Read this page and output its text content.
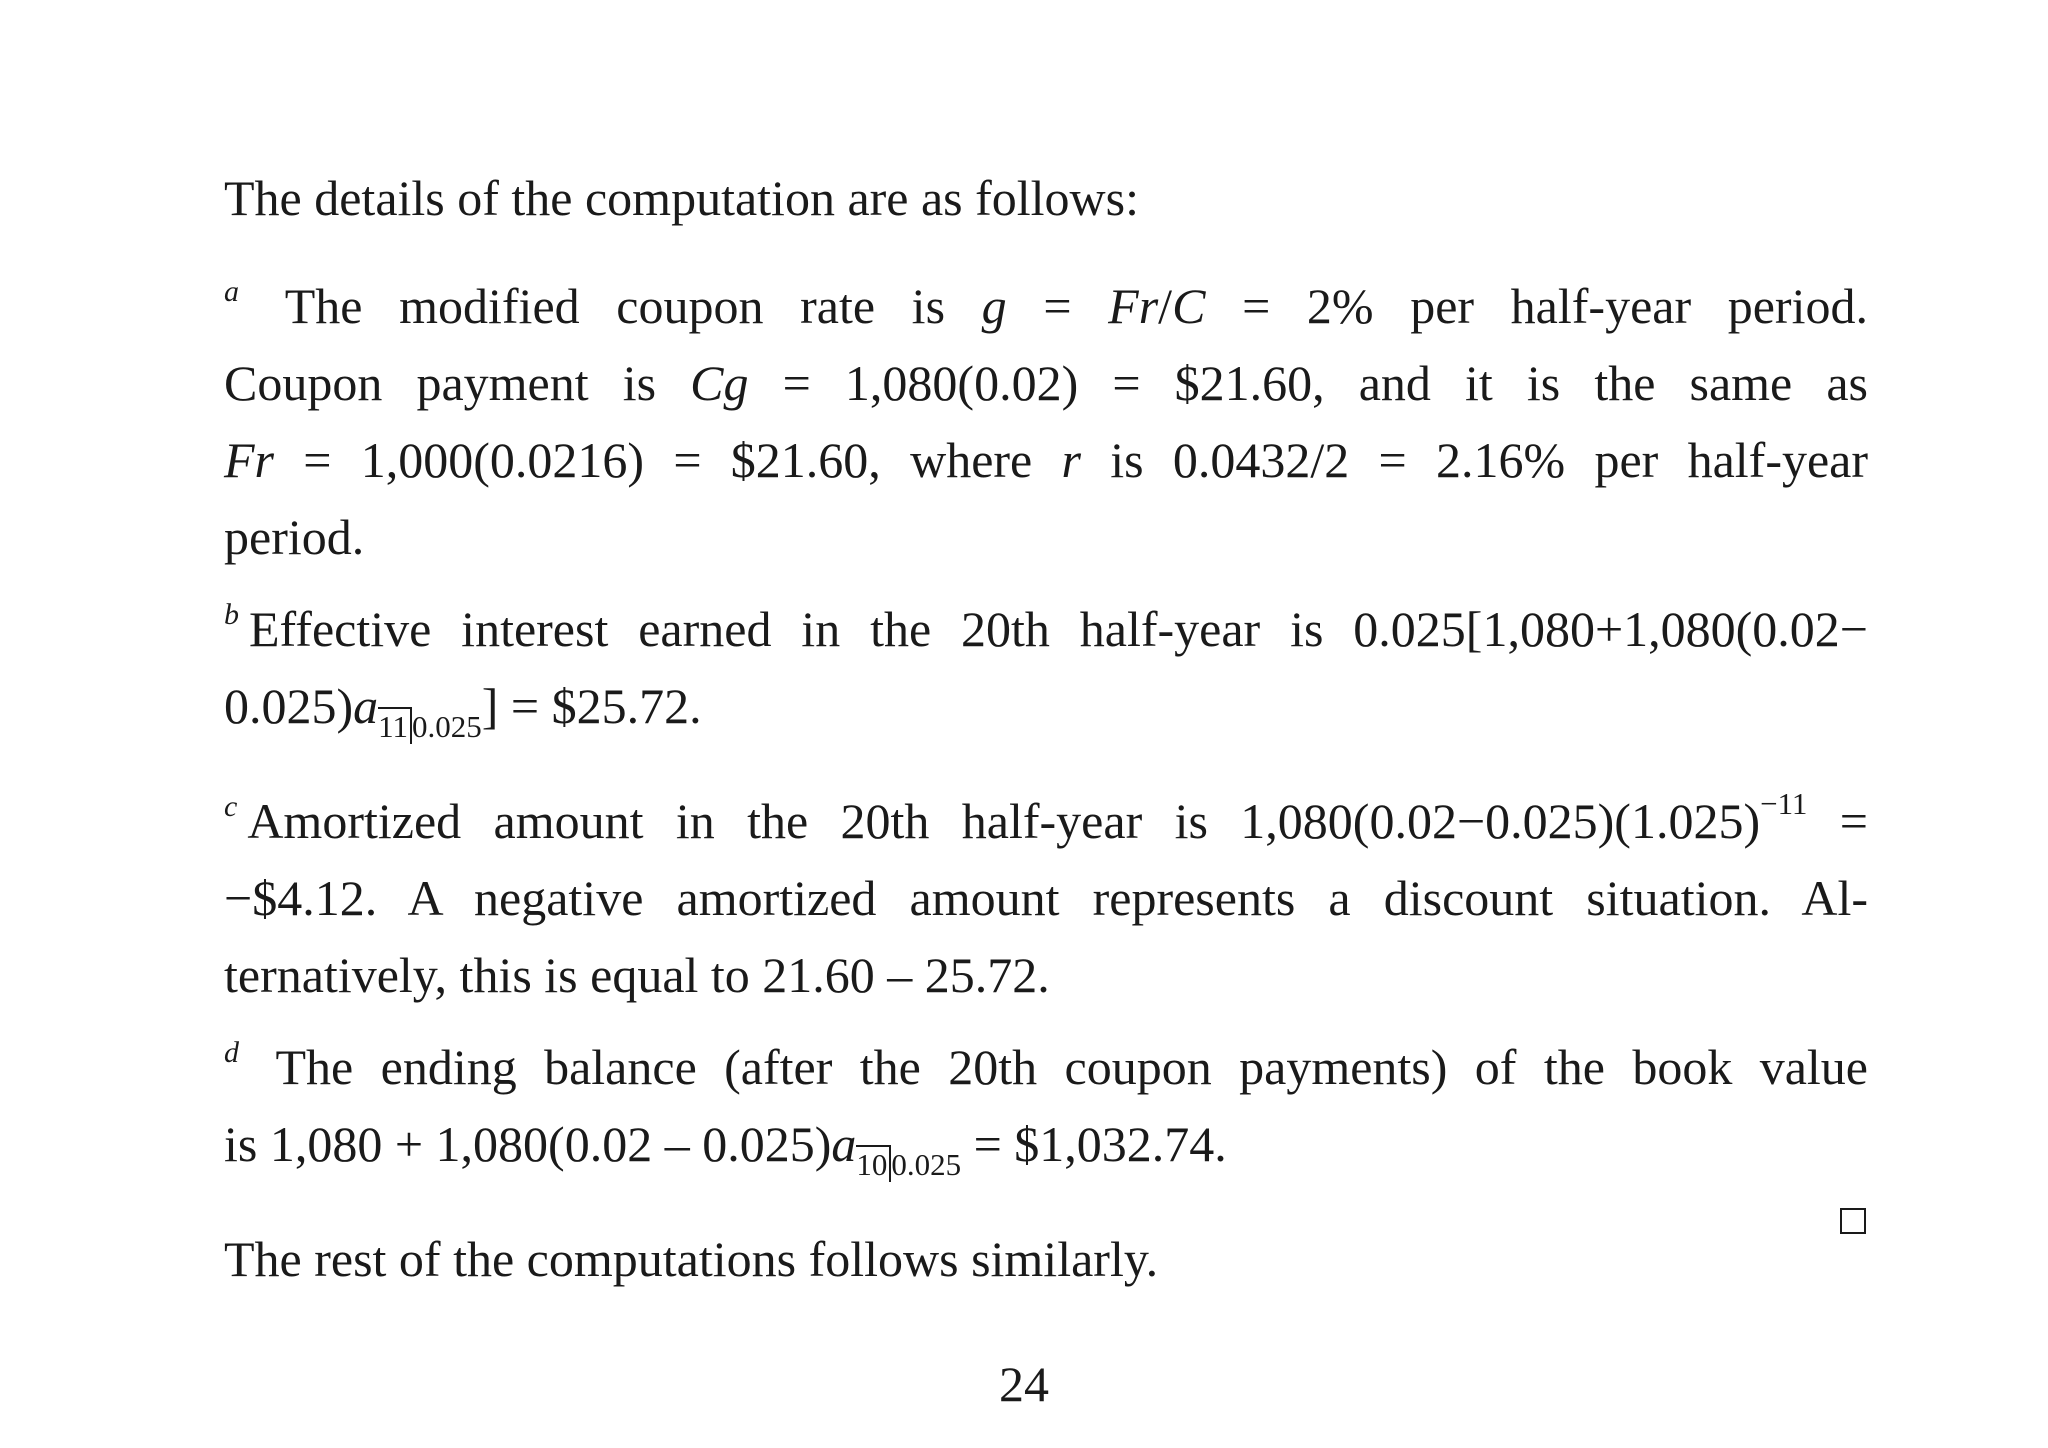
The details of the computation are as follows:

$^a$ The modified coupon rate is g = Fr/C = 2% per half-year period.
Coupon payment is Cg = 1,080(0.02) = $21.60, and it is the same as
Fr = 1,000(0.0216) = $21.60, where r is 0.0432/2 = 2.16% per half-year
period.
$^b$ Effective interest earned in the 20th half-year is 0.025[1,080+1,080(0.02−
$0.025)a_{11 0.025}$] = $25.72.
$^c$ Amortized amount in the 20th half-year is $1,080(0.02-0.025)(1.025)^{-11}$ =
−$4.12. A negative amortized amount represents a discount situation. Al-
ternatively, this is equal to 21.60 – 25.72.
$^d$ The ending balance (after the 20th coupon payments) of the book value
is $1,080 + 1,080(0.02 - 0.025)a_{10 0.025}$ = $1,032.74.

The rest of the computations follows similarly.

24
